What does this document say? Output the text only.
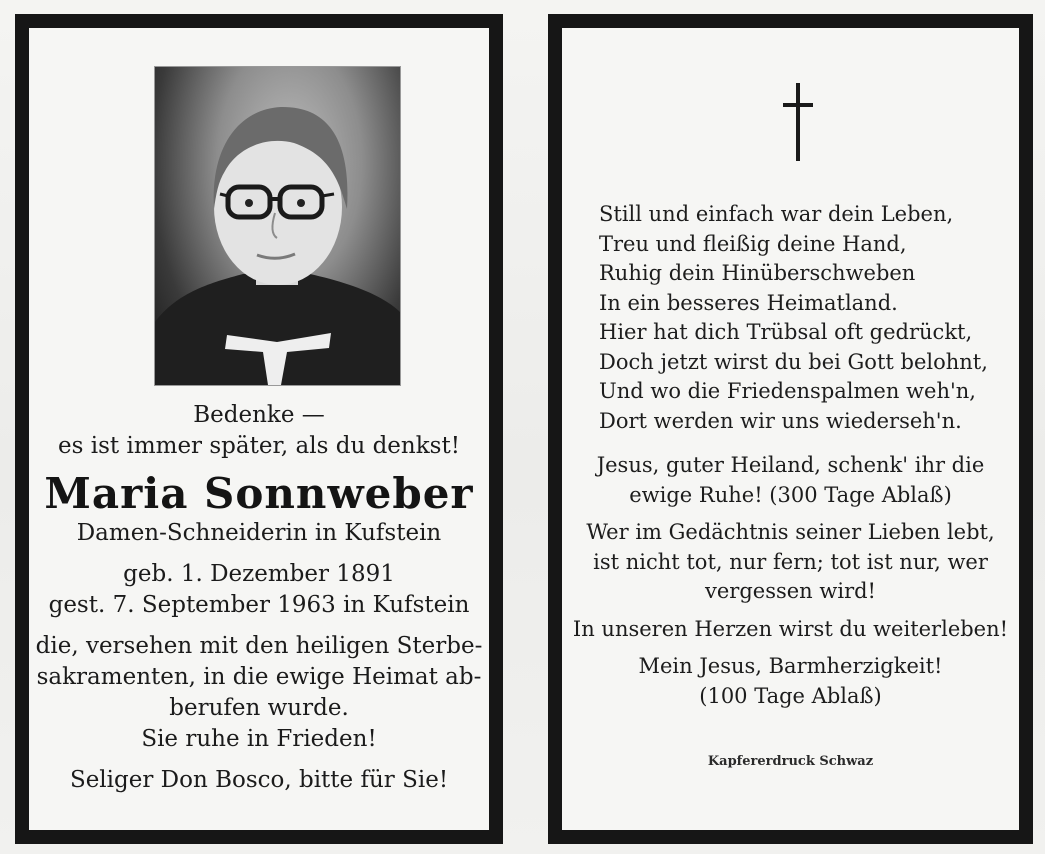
Bedenke —
es ist immer später, als du denkst!
Maria Sonnweber
Damen-Schneiderin in Kufstein
geb. 1. Dezember 1891
gest. 7. September 1963 in Kufstein
die, versehen mit den heiligen Sterbe-
sakramenten, in die ewige Heimat ab-
berufen wurde.
Sie ruhe in Frieden!
Seliger Don Bosco, bitte für Sie!
Still und einfach war dein Leben,
Treu und fleißig deine Hand,
Ruhig dein Hinüberschweben
In ein besseres Heimatland.
Hier hat dich Trübsal oft gedrückt,
Doch jetzt wirst du bei Gott belohnt,
Und wo die Friedenspalmen weh'n,
Dort werden wir uns wiederseh'n.
Jesus, guter Heiland, schenk' ihr die
ewige Ruhe! (300 Tage Ablaß)
Wer im Gedächtnis seiner Lieben lebt,
ist nicht tot, nur fern; tot ist nur, wer
vergessen wird!
In unseren Herzen wirst du weiterleben!
Mein Jesus, Barmherzigkeit!
(100 Tage Ablaß)
Kapfererdruck Schwaz
